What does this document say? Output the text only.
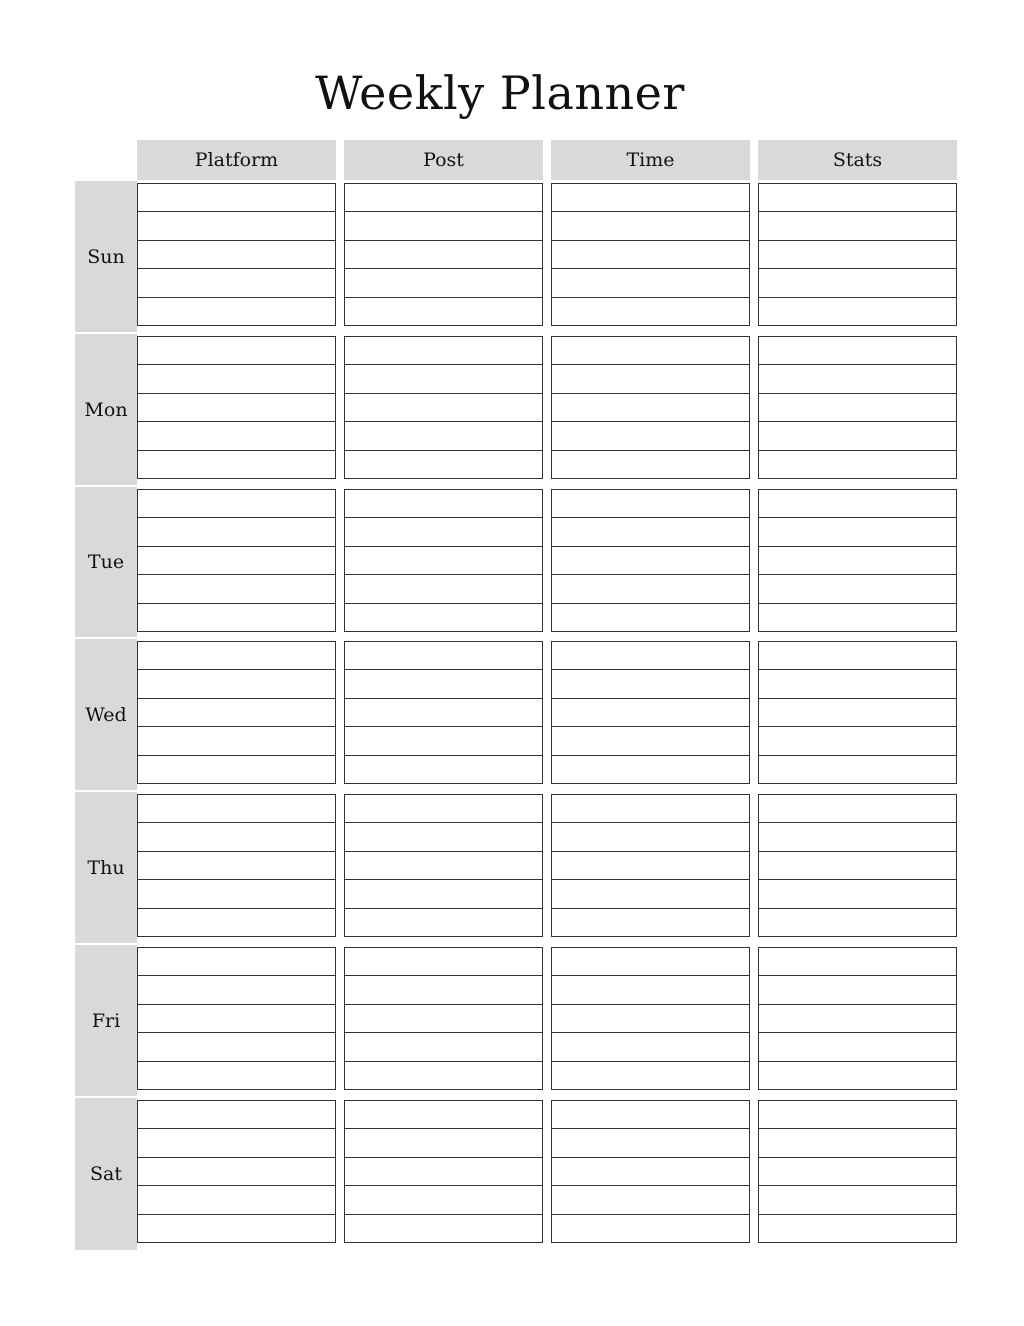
Weekly Planner
Platform	Post	Time	Stats
Sun
Mon
Tue
Wed
Thu
Fri
Sat
